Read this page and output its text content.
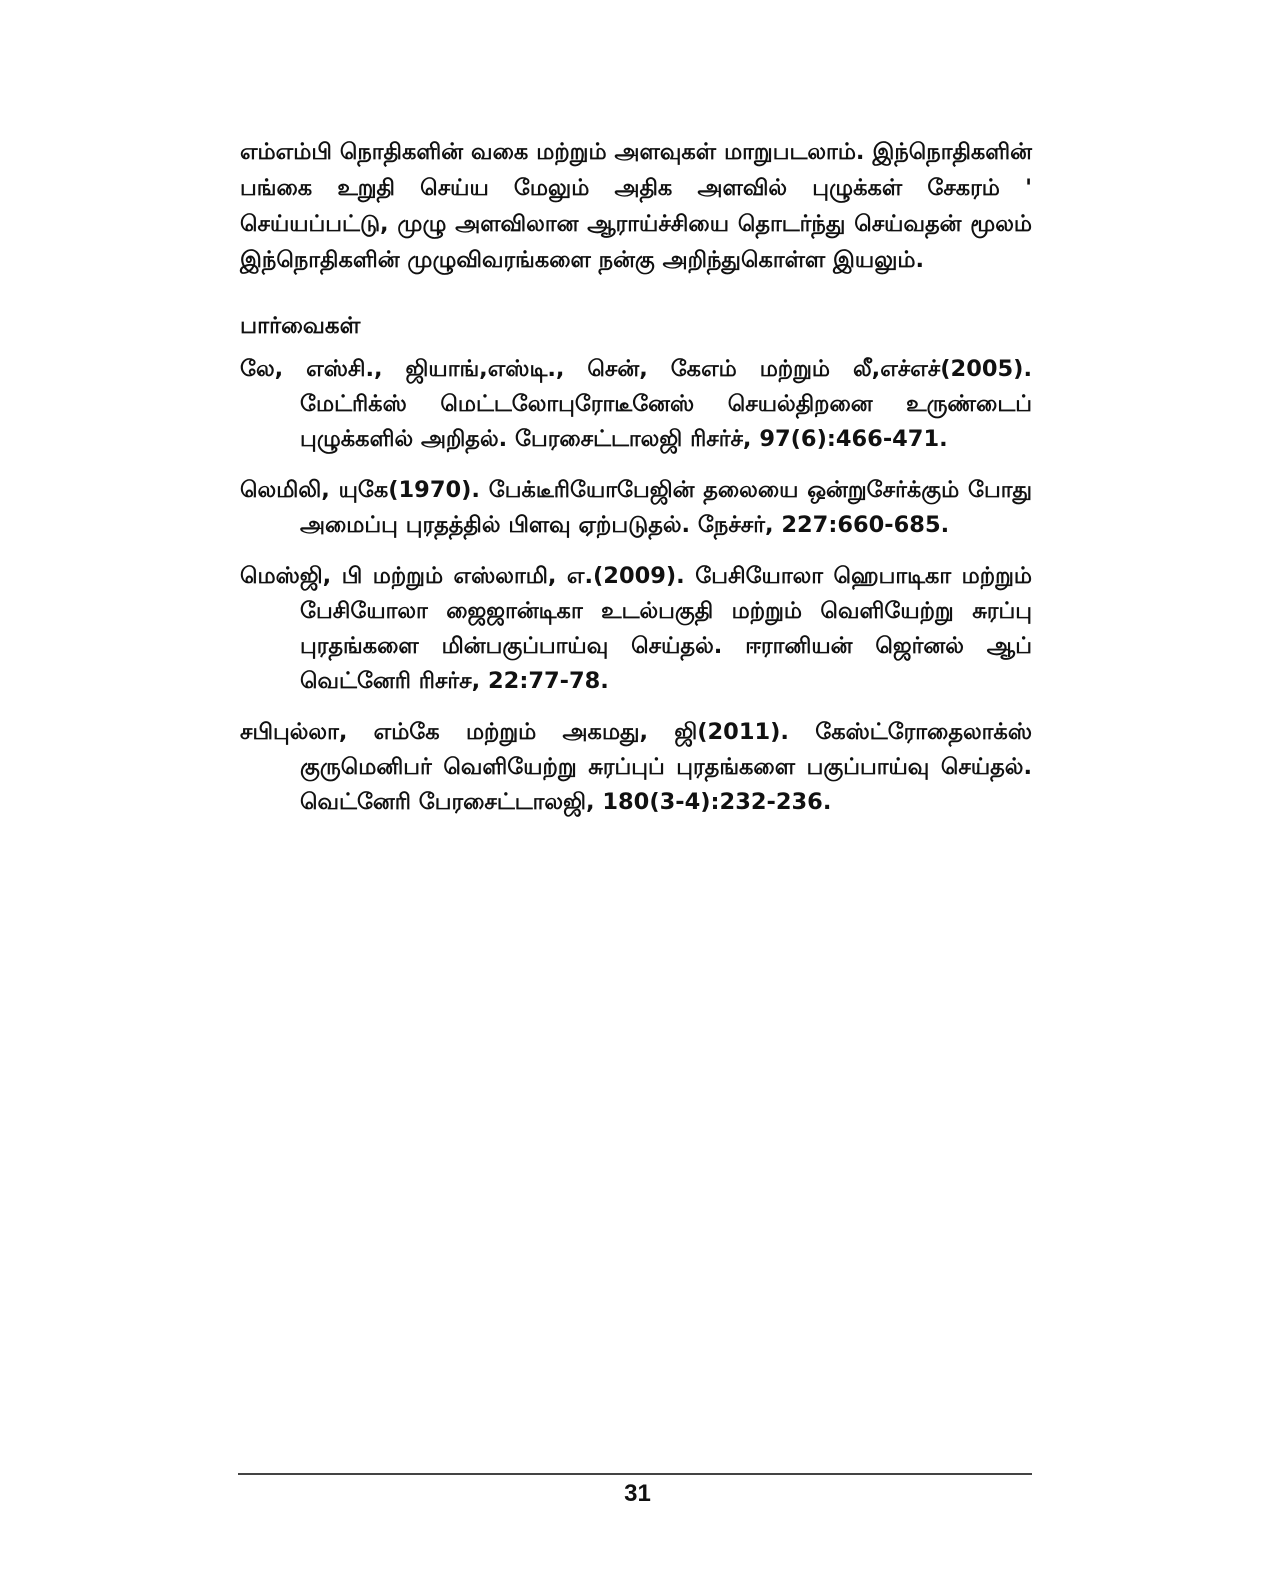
எம்எம்பி நொதிகளின் வகை மற்றும் அளவுகள் மாறுபடலாம். இந்நொதிகளின் பங்கை உறுதி செய்ய மேலும் அதிக அளவில் புழுக்கள் சேகரம் ' செய்யப்பட்டு, முழு அளவிலான ஆராய்ச்சியை தொடர்ந்து செய்வதன் மூலம் இந்நொதிகளின் முழுவிவரங்களை நன்கு அறிந்துகொள்ள இயலும்.

பார்வைகள்
லே, எஸ்சி., ஜியாங்,எஸ்டி., சென், கேஎம் மற்றும் லீ,எச்எச்(2005). மேட்ரிக்ஸ் மெட்டலோபுரோடீனேஸ் செயல்திறனை உருண்டைப் புழுக்களில் அறிதல். பேரசைட்டாலஜி ரிசர்ச், 97(6):466-471.
லெமிலி, யுகே(1970). பேக்டீரியோபேஜின் தலையை ஒன்றுசேர்க்கும் போது அமைப்பு புரதத்தில் பிளவு ஏற்படுதல். நேச்சர், 227:660-685.
மெஸ்ஜி, பி மற்றும் எஸ்லாமி, எ.(2009). பேசியோலா ஹெபாடிகா மற்றும் பேசியோலா ஜைஜான்டிகா உடல்பகுதி மற்றும் வெளியேற்று சுரப்பு புரதங்களை மின்பகுப்பாய்வு செய்தல். ஈரானியன் ஜெர்னல் ஆப் வெட்னேரி ரிசர்ச, 22:77-78.
சபிபுல்லா, எம்கே மற்றும் அகமது, ஜி(2011). கேஸ்ட்ரோதைலாக்ஸ் குருமெனிபர் வெளியேற்று சுரப்புப் புரதங்களை பகுப்பாய்வு செய்தல். வெட்னேரி பேரசைட்டாலஜி, 180(3-4):232-236.
31
